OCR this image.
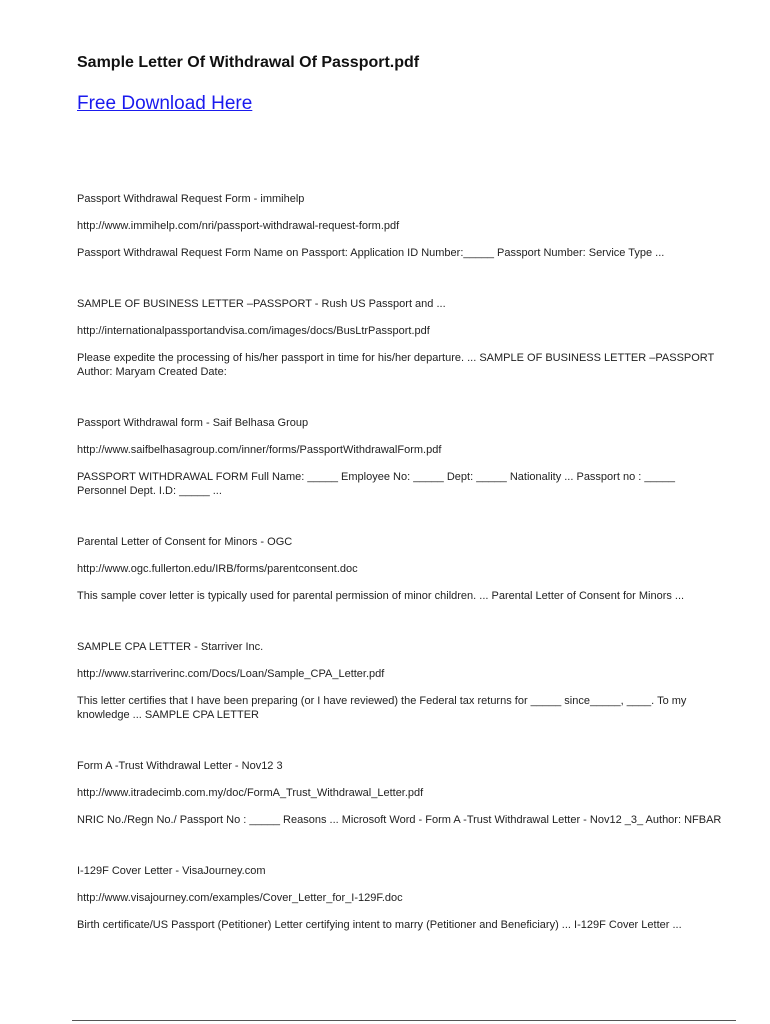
Sample Letter Of Withdrawal Of Passport.pdf
Free Download Here

Passport Withdrawal Request Form - immihelp

http://www.immihelp.com/nri/passport-withdrawal-request-form.pdf

Passport Withdrawal Request Form Name on Passport: Application ID Number:_____ Passport Number: Service Type ...

SAMPLE OF BUSINESS LETTER –PASSPORT - Rush US Passport and ...

http://internationalpassportandvisa.com/images/docs/BusLtrPassport.pdf

Please expedite the processing of his/her passport in time for his/her departure. ... SAMPLE OF BUSINESS LETTER –PASSPORT Author: Maryam Created Date:

Passport Withdrawal form - Saif Belhasa Group

http://www.saifbelhasagroup.com/inner/forms/PassportWithdrawalForm.pdf

PASSPORT WITHDRAWAL FORM Full Name: _____ Employee No: _____ Dept: _____ Nationality ... Passport no : _____ Personnel Dept. I.D: _____ ...

Parental Letter of Consent for Minors - OGC

http://www.ogc.fullerton.edu/IRB/forms/parentconsent.doc

This sample cover letter is typically used for parental permission of minor children. ... Parental Letter of Consent for Minors ...

SAMPLE CPA LETTER - Starriver Inc.

http://www.starriverinc.com/Docs/Loan/Sample_CPA_Letter.pdf

This letter certifies that I have been preparing (or I have reviewed) the Federal tax returns for _____ since_____, ____. To my knowledge ... SAMPLE CPA LETTER

Form A -Trust Withdrawal Letter - Nov12 3

http://www.itradecimb.com.my/doc/FormA_Trust_Withdrawal_Letter.pdf

NRIC No./Regn No./ Passport No : _____ Reasons ... Microsoft Word - Form A -Trust Withdrawal Letter - Nov12 _3_ Author: NFBAR

I-129F Cover Letter - VisaJourney.com

http://www.visajourney.com/examples/Cover_Letter_for_I-129F.doc

Birth certificate/US Passport (Petitioner) Letter certifying intent to marry (Petitioner and Beneficiary) ... I-129F Cover Letter ...
